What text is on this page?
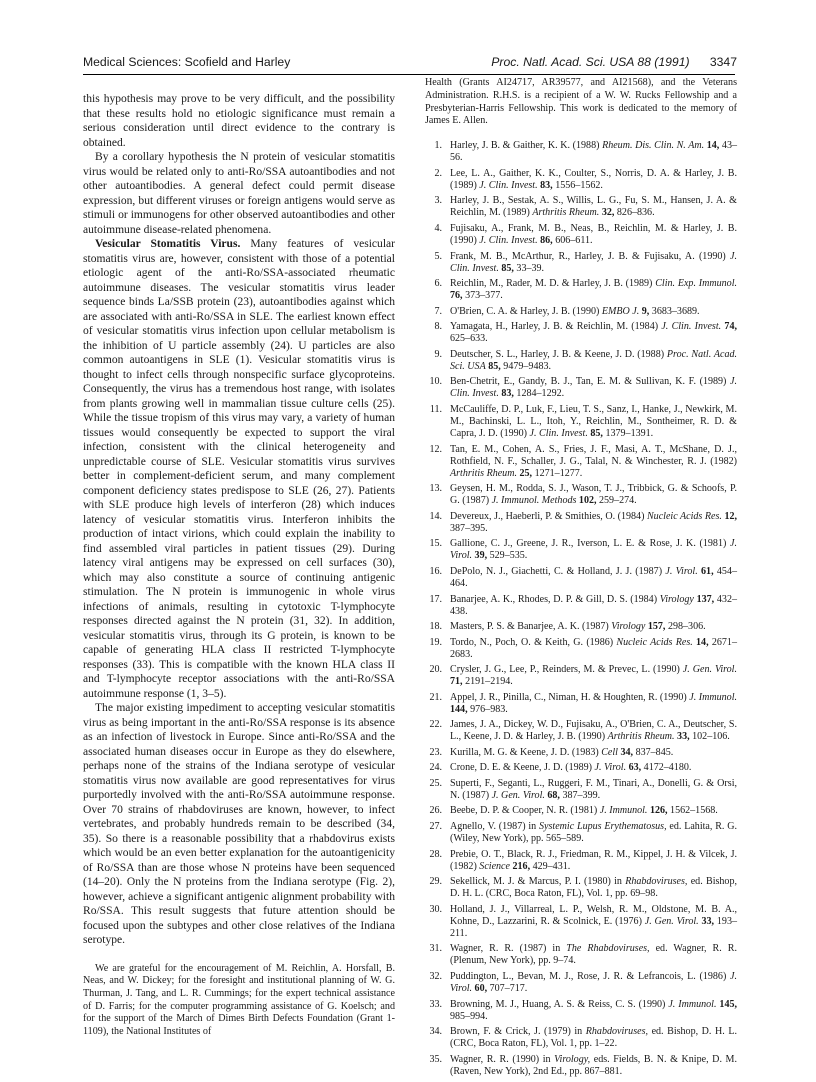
Medical Sciences: Scofield and Harley	Proc. Natl. Acad. Sci. USA 88 (1991) 3347

this hypothesis may prove to be very difficult, and the possibility that these results hold no etiologic significance must remain a serious consideration until direct evidence to the contrary is obtained.

By a corollary hypothesis the N protein of vesicular stomatitis virus would be related only to anti-Ro/SSA autoantibodies and not other autoantibodies. A general defect could permit disease expression, but different viruses or foreign antigens would serve as stimuli or immunogens for other observed autoantibodies and other autoimmune disease-related phenomena.

Vesicular Stomatitis Virus. Many features of vesicular stomatitis virus are, however, consistent with those of a potential etiologic agent of the anti-Ro/SSA-associated rheumatic autoimmune diseases. The vesicular stomatitis virus leader sequence binds La/SSB protein (23), autoantibodies against which are associated with anti-Ro/SSA in SLE. The earliest known effect of vesicular stomatitis virus infection upon cellular metabolism is the inhibition of U particle assembly (24). U particles are also common autoantigens in SLE (1). Vesicular stomatitis virus is thought to infect cells through nonspecific surface glycoproteins. Consequently, the virus has a tremendous host range, with isolates from plants growing well in mammalian tissue culture cells (25). While the tissue tropism of this virus may vary, a variety of human tissues would consequently be expected to support the viral infection, consistent with the clinical heterogeneity and unpredictable course of SLE. Vesicular stomatitis virus survives better in complement-deficient serum, and many complement component deficiency states predispose to SLE (26, 27). Patients with SLE produce high levels of interferon (28) which induces latency of vesicular stomatitis virus. Interferon inhibits the production of intact virions, which could explain the inability to find assembled viral particles in patient tissues (29). During latency viral antigens may be expressed on cell surfaces (30), which may also constitute a source of continuing antigenic stimulation. The N protein is immunogenic in whole virus infections of animals, resulting in cytotoxic T-lymphocyte responses directed against the N protein (31, 32). In addition, vesicular stomatitis virus, through its G protein, is known to be capable of generating HLA class II restricted T-lymphocyte responses (33). This is compatible with the known HLA class II and T-lymphocyte receptor associations with the anti-Ro/SSA autoimmune response (1, 3–5).

The major existing impediment to accepting vesicular stomatitis virus as being important in the anti-Ro/SSA response is its absence as an infection of livestock in Europe. Since anti-Ro/SSA and the associated human diseases occur in Europe as they do elsewhere, perhaps none of the strains of the Indiana serotype of vesicular stomatitis virus now available are good representatives for virus purportedly involved with the anti-Ro/SSA autoimmune response. Over 70 strains of rhabdoviruses are known, however, to infect vertebrates, and probably hundreds remain to be described (34, 35). So there is a reasonable possibility that a rhabdovirus exists which would be an even better explanation for the autoantigenicity of Ro/SSA than are those whose N proteins have been sequenced (14–20). Only the N proteins from the Indiana serotype (Fig. 2), however, achieve a significant antigenic alignment probability with Ro/SSA. This result suggests that future attention should be focused upon the subtypes and other close relatives of the Indiana serotype.

We are grateful for the encouragement of M. Reichlin, A. Horsfall, B. Neas, and W. Dickey; for the foresight and institutional planning of W. G. Thurman, J. Tang, and L. R. Cummings; for the expert technical assistance of D. Farris; for the computer programming assistance of G. Koelsch; and for the support of the March of Dimes Birth Defects Foundation (Grant 1-1109), the National Institutes of

Health (Grants AI24717, AR39577, and AI21568), and the Veterans Administration. R.H.S. is a recipient of a W. W. Rucks Fellowship and a Presbyterian-Harris Fellowship. This work is dedicated to the memory of James E. Allen.

1. Harley, J. B. & Gaither, K. K. (1988) Rheum. Dis. Clin. N. Am. 14, 43–56.
2. Lee, L. A., Gaither, K. K., Coulter, S., Norris, D. A. & Harley, J. B. (1989) J. Clin. Invest. 83, 1556–1562.
3. Harley, J. B., Sestak, A. S., Willis, L. G., Fu, S. M., Hansen, J. A. & Reichlin, M. (1989) Arthritis Rheum. 32, 826–836.
4. Fujisaku, A., Frank, M. B., Neas, B., Reichlin, M. & Harley, J. B. (1990) J. Clin. Invest. 86, 606–611.
5. Frank, M. B., McArthur, R., Harley, J. B. & Fujisaku, A. (1990) J. Clin. Invest. 85, 33–39.
6. Reichlin, M., Rader, M. D. & Harley, J. B. (1989) Clin. Exp. Immunol. 76, 373–377.
7. O'Brien, C. A. & Harley, J. B. (1990) EMBO J. 9, 3683–3689.
8. Yamagata, H., Harley, J. B. & Reichlin, M. (1984) J. Clin. Invest. 74, 625–633.
9. Deutscher, S. L., Harley, J. B. & Keene, J. D. (1988) Proc. Natl. Acad. Sci. USA 85, 9479–9483.
10. Ben-Chetrit, E., Gandy, B. J., Tan, E. M. & Sullivan, K. F. (1989) J. Clin. Invest. 83, 1284–1292.
11. McCauliffe, D. P., Luk, F., Lieu, T. S., Sanz, I., Hanke, J., Newkirk, M. M., Bachinski, L. L., Itoh, Y., Reichlin, M., Sontheimer, R. D. & Capra, J. D. (1990) J. Clin. Invest. 85, 1379–1391.
12. Tan, E. M., Cohen, A. S., Fries, J. F., Masi, A. T., McShane, D. J., Rothfield, N. F., Schaller, J. G., Talal, N. & Winchester, R. J. (1982) Arthritis Rheum. 25, 1271–1277.
13. Geysen, H. M., Rodda, S. J., Wason, T. J., Tribbick, G. & Schoofs, P. G. (1987) J. Immunol. Methods 102, 259–274.
14. Devereux, J., Haeberli, P. & Smithies, O. (1984) Nucleic Acids Res. 12, 387–395.
15. Gallione, C. J., Greene, J. R., Iverson, L. E. & Rose, J. K. (1981) J. Virol. 39, 529–535.
16. DePolo, N. J., Giachetti, C. & Holland, J. J. (1987) J. Virol. 61, 454–464.
17. Banarjee, A. K., Rhodes, D. P. & Gill, D. S. (1984) Virology 137, 432–438.
18. Masters, P. S. & Banarjee, A. K. (1987) Virology 157, 298–306.
19. Tordo, N., Poch, O. & Keith, G. (1986) Nucleic Acids Res. 14, 2671–2683.
20. Crysler, J. G., Lee, P., Reinders, M. & Prevec, L. (1990) J. Gen. Virol. 71, 2191–2194.
21. Appel, J. R., Pinilla, C., Niman, H. & Houghten, R. (1990) J. Immunol. 144, 976–983.
22. James, J. A., Dickey, W. D., Fujisaku, A., O'Brien, C. A., Deutscher, S. L., Keene, J. D. & Harley, J. B. (1990) Arthritis Rheum. 33, 102–106.
23. Kurilla, M. G. & Keene, J. D. (1983) Cell 34, 837–845.
24. Crone, D. E. & Keene, J. D. (1989) J. Virol. 63, 4172–4180.
25. Superti, F., Seganti, L., Ruggeri, F. M., Tinari, A., Donelli, G. & Orsi, N. (1987) J. Gen. Virol. 68, 387–399.
26. Beebe, D. P. & Cooper, N. R. (1981) J. Immunol. 126, 1562–1568.
27. Agnello, V. (1987) in Systemic Lupus Erythematosus, ed. Lahita, R. G. (Wiley, New York), pp. 565–589.
28. Prebie, O. T., Black, R. J., Friedman, R. M., Kippel, J. H. & Vilcek, J. (1982) Science 216, 429–431.
29. Sekellick, M. J. & Marcus, P. I. (1980) in Rhabdoviruses, ed. Bishop, D. H. L. (CRC, Boca Raton, FL), Vol. 1, pp. 69–98.
30. Holland, J. J., Villarreal, L. P., Welsh, R. M., Oldstone, M. B. A., Kohne, D., Lazzarini, R. & Scolnick, E. (1976) J. Gen. Virol. 33, 193–211.
31. Wagner, R. R. (1987) in The Rhabdoviruses, ed. Wagner, R. R. (Plenum, New York), pp. 9–74.
32. Puddington, L., Bevan, M. J., Rose, J. R. & Lefrancois, L. (1986) J. Virol. 60, 707–717.
33. Browning, M. J., Huang, A. S. & Reiss, C. S. (1990) J. Immunol. 145, 985–994.
34. Brown, F. & Crick, J. (1979) in Rhabdoviruses, ed. Bishop, D. H. L. (CRC, Boca Raton, FL), Vol. 1, pp. 1–22.
35. Wagner, R. R. (1990) in Virology, eds. Fields, B. N. & Knipe, D. M. (Raven, New York), 2nd Ed., pp. 867–881.
